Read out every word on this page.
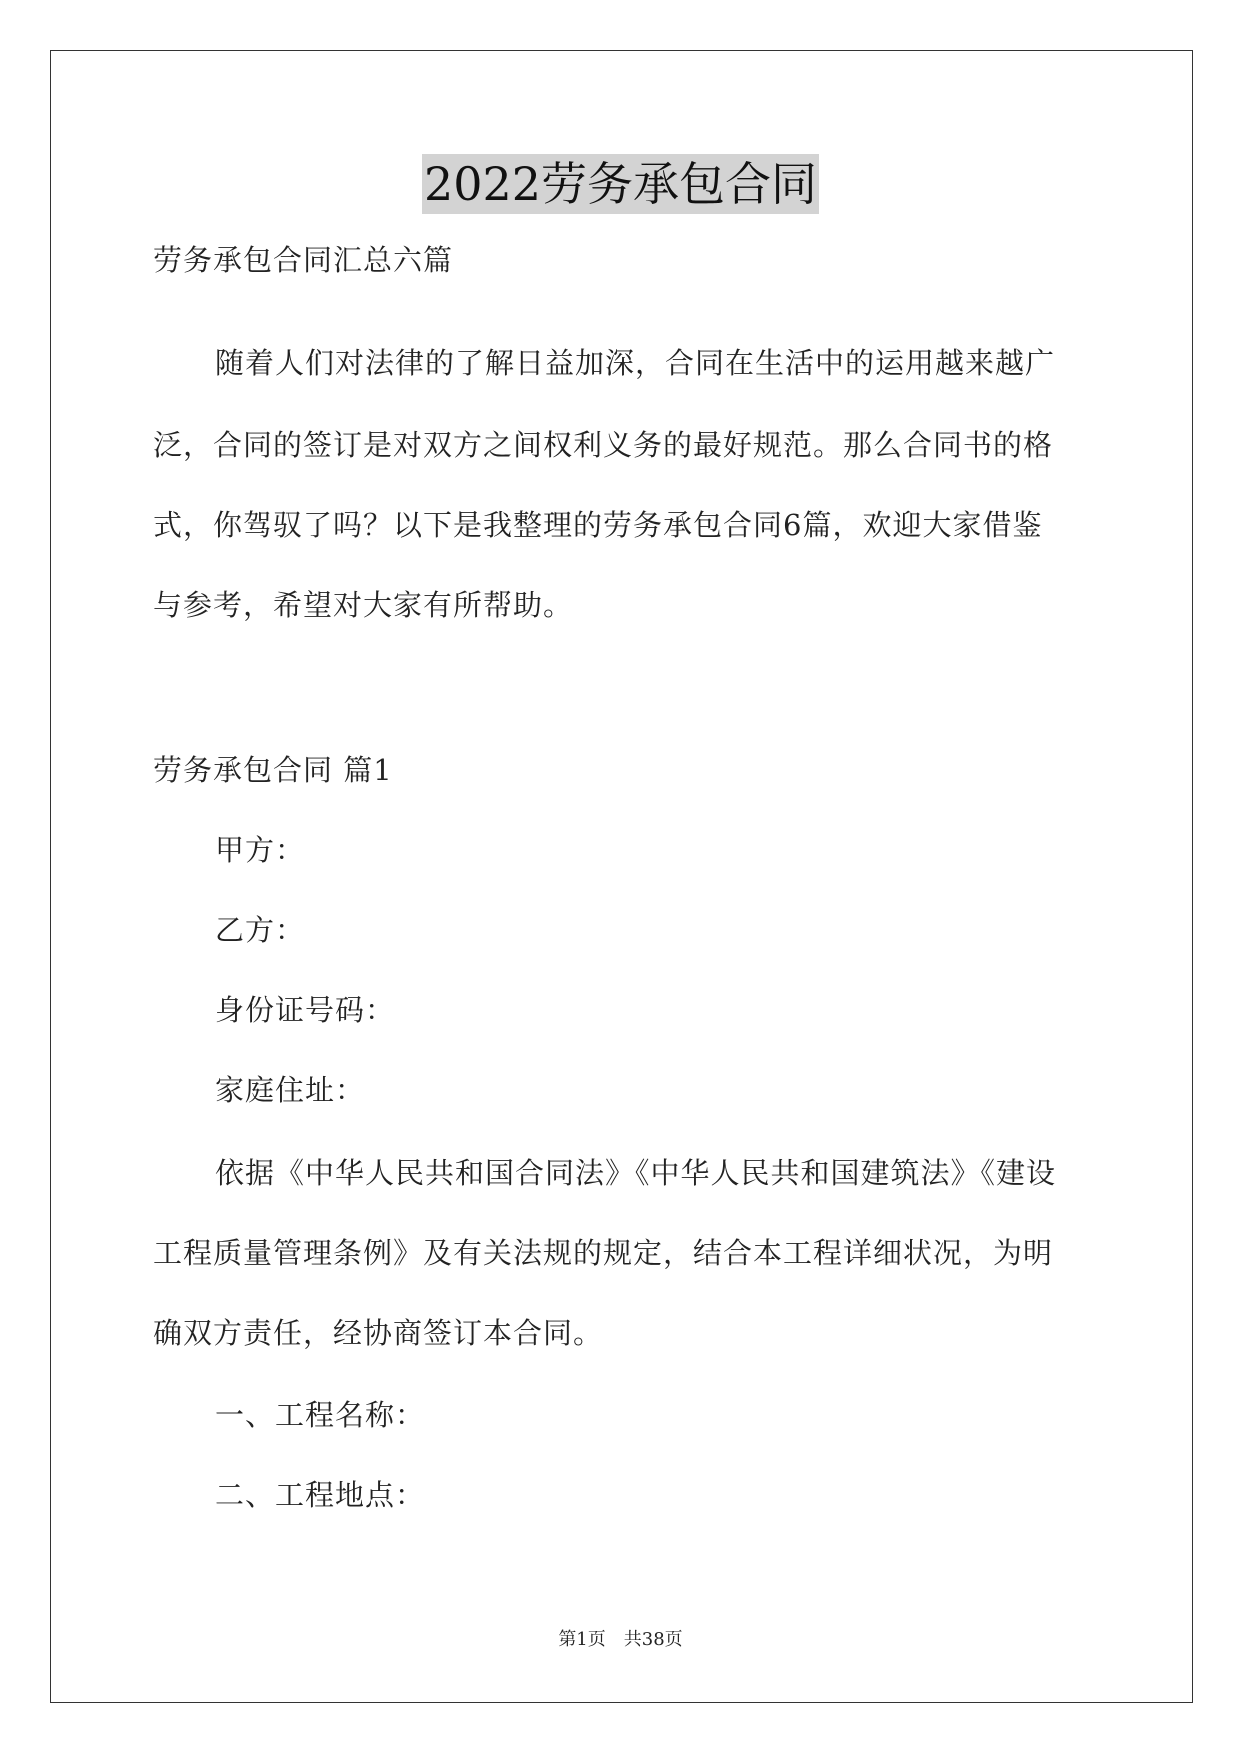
2022劳务承包合同
劳务承包合同汇总六篇
随着人们对法律的了解日益加深，合同在生活中的运用越来越广
泛，合同的签订是对双方之间权利义务的最好规范。那么合同书的格
式，你驾驭了吗？以下是我整理的劳务承包合同6篇，欢迎大家借鉴
与参考，希望对大家有所帮助。
劳务承包合同 篇1
甲方：
乙方：
身份证号码：
家庭住址：
依据《中华人民共和国合同法》《中华人民共和国建筑法》《建设
工程质量管理条例》及有关法规的规定，结合本工程详细状况，为明
确双方责任，经协商签订本合同。
一、工程名称：
二、工程地点：
第1页　共38页
